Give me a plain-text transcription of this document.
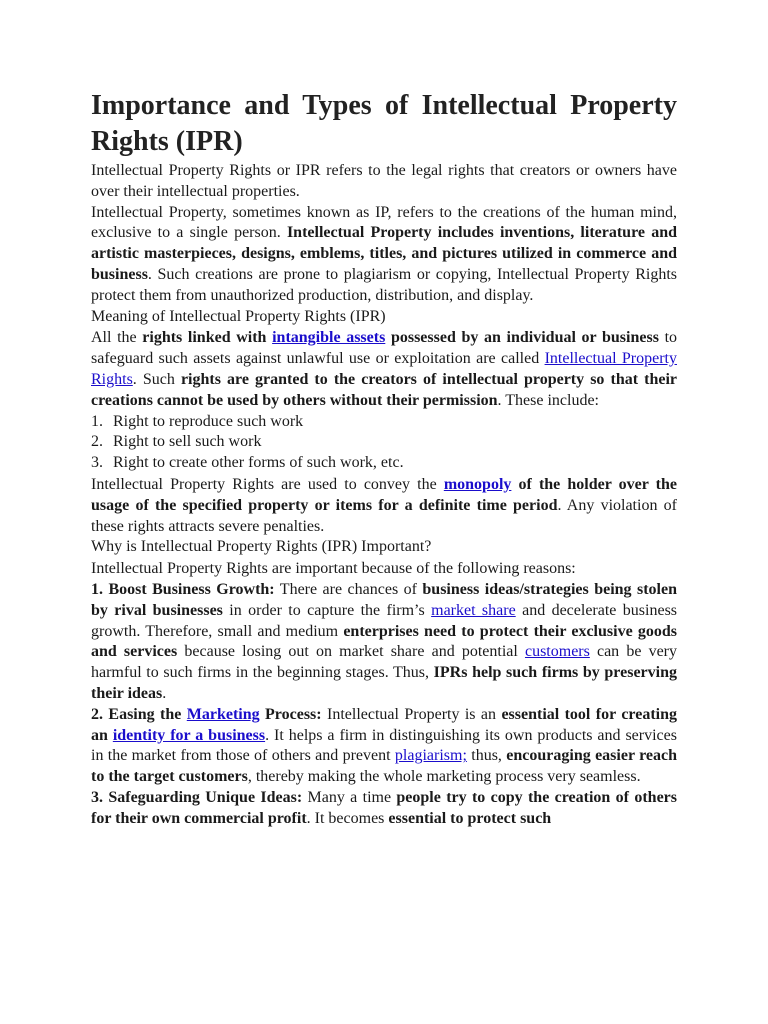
Importance and Types of Intellectual Property Rights (IPR)

Intellectual Property Rights or IPR refers to the legal rights that creators or owners have over their intellectual properties.

Intellectual Property, sometimes known as IP, refers to the creations of the human mind, exclusive to a single person. Intellectual Property includes inventions, literature and artistic masterpieces, designs, emblems, titles, and pictures utilized in commerce and business. Such creations are prone to plagiarism or copying, Intellectual Property Rights protect them from unauthorized production, distribution, and display.

Meaning of Intellectual Property Rights (IPR)

All the rights linked with intangible assets possessed by an individual or business to safeguard such assets against unlawful use or exploitation are called Intellectual Property Rights. Such rights are granted to the creators of intellectual property so that their creations cannot be used by others without their permission. These include:

1. Right to reproduce such work
2. Right to sell such work
3. Right to create other forms of such work, etc.

Intellectual Property Rights are used to convey the monopoly of the holder over the usage of the specified property or items for a definite time period. Any violation of these rights attracts severe penalties.

Why is Intellectual Property Rights (IPR) Important?

Intellectual Property Rights are important because of the following reasons:

1. Boost Business Growth: There are chances of business ideas/strategies being stolen by rival businesses in order to capture the firm’s market share and decelerate business growth. Therefore, small and medium enterprises need to protect their exclusive goods and services because losing out on market share and potential customers can be very harmful to such firms in the beginning stages. Thus, IPRs help such firms by preserving their ideas.

2. Easing the Marketing Process: Intellectual Property is an essential tool for creating an identity for a business. It helps a firm in distinguishing its own products and services in the market from those of others and prevent plagiarism; thus, encouraging easier reach to the target customers, thereby making the whole marketing process very seamless.

3. Safeguarding Unique Ideas: Many a time people try to copy the creation of others for their own commercial profit. It becomes essential to protect such
